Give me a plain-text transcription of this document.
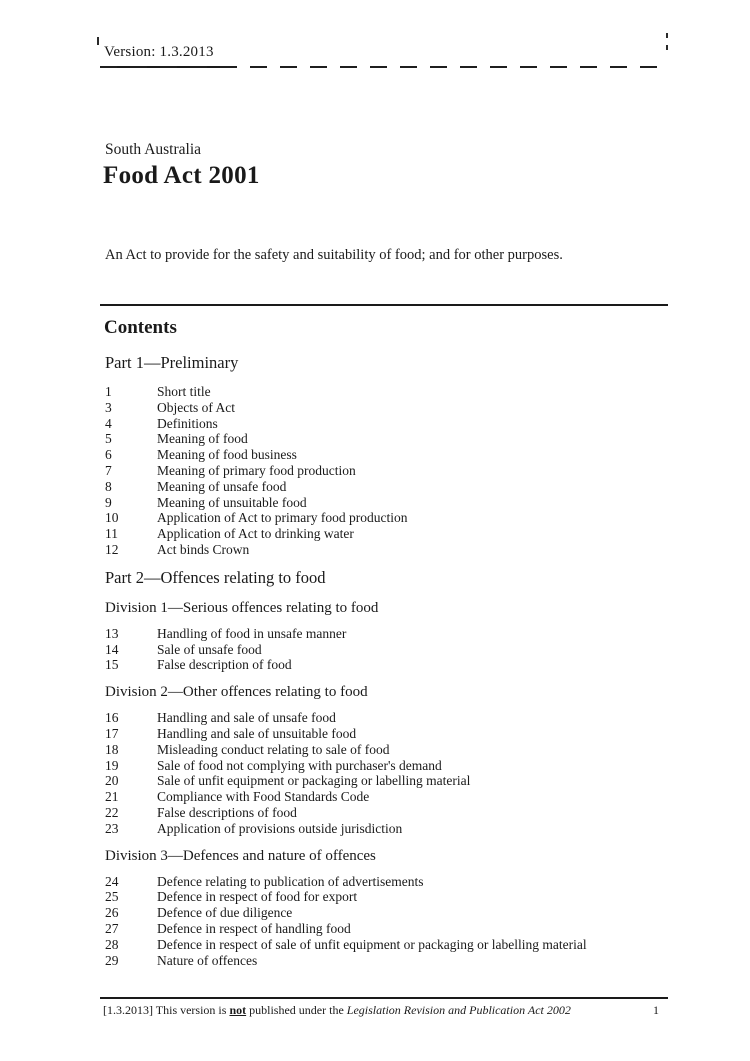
Version: 1.3.2013
South Australia
Food Act 2001

An Act to provide for the safety and suitability of food; and for other purposes.

Contents
Part 1—Preliminary
1	Short title
3	Objects of Act
4	Definitions
5	Meaning of food
6	Meaning of food business
7	Meaning of primary food production
8	Meaning of unsafe food
9	Meaning of unsuitable food
10	Application of Act to primary food production
11	Application of Act to drinking water
12	Act binds Crown
Part 2—Offences relating to food
Division 1—Serious offences relating to food
13	Handling of food in unsafe manner
14	Sale of unsafe food
15	False description of food
Division 2—Other offences relating to food
16	Handling and sale of unsafe food
17	Handling and sale of unsuitable food
18	Misleading conduct relating to sale of food
19	Sale of food not complying with purchaser's demand
20	Sale of unfit equipment or packaging or labelling material
21	Compliance with Food Standards Code
22	False descriptions of food
23	Application of provisions outside jurisdiction
Division 3—Defences and nature of offences
24	Defence relating to publication of advertisements
25	Defence in respect of food for export
26	Defence of due diligence
27	Defence in respect of handling food
28	Defence in respect of sale of unfit equipment or packaging or labelling material
29	Nature of offences
[1.3.2013] This version is not published under the Legislation Revision and Publication Act 2002	1
